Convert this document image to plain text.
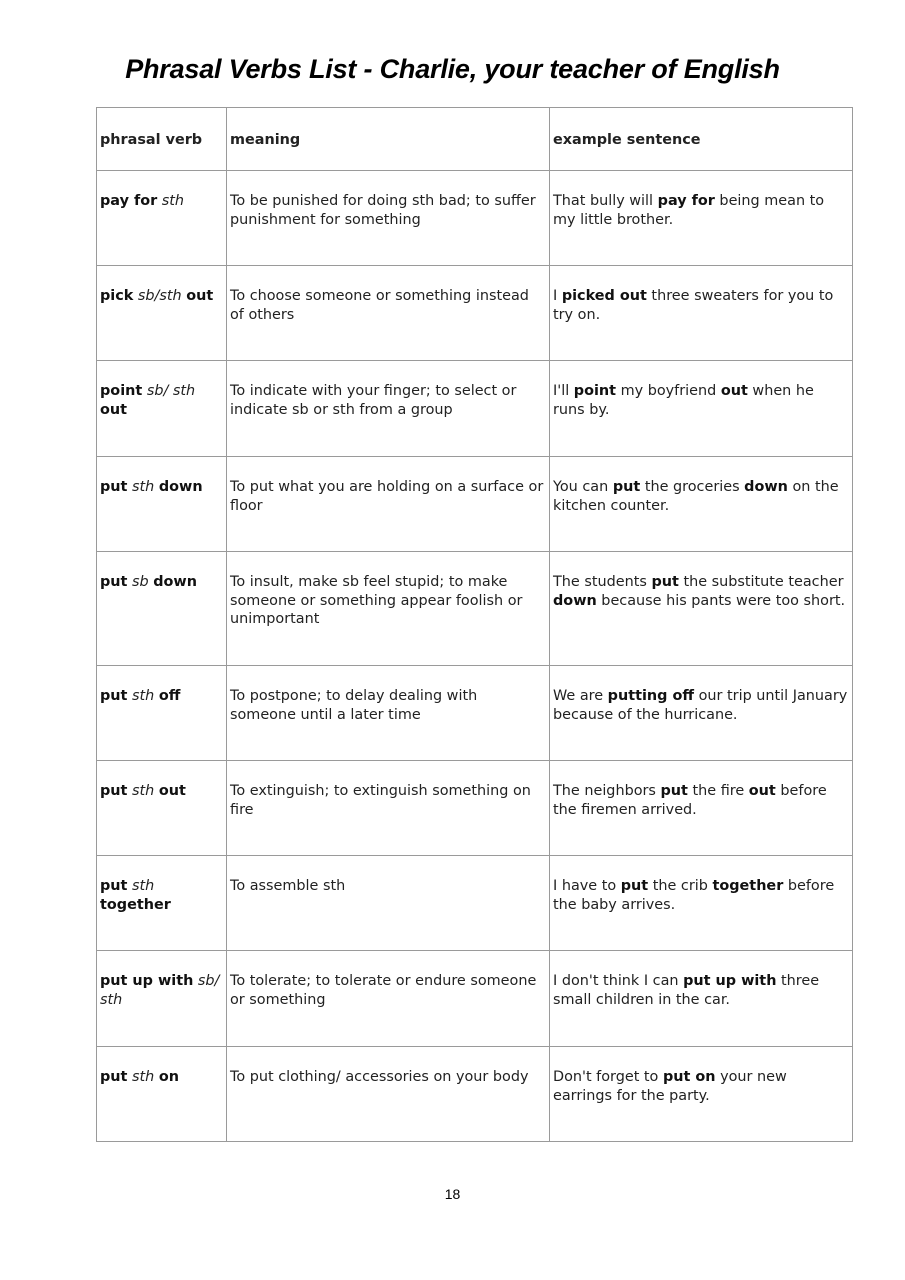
Phrasal Verbs List - Charlie, your teacher of English
phrasal verb	meaning	example sentence
pay for sth	To be punished for doing sth bad; to suffer punishment for something	That bully will pay for being mean to my little brother.
pick sb/sth out	To choose someone or something instead of others	I picked out three sweaters for you to try on.
point sb/ sth out	To indicate with your finger; to select or indicate sb or sth from a group	I'll point my boyfriend out when he runs by.
put sth down	To put what you are holding on a surface or floor	You can put the groceries down on the kitchen counter.
put sb down	To insult, make sb feel stupid; to make someone or something appear foolish or unimportant	The students put the substitute teacher down because his pants were too short.
put sth off	To postpone; to delay dealing with someone until a later time	We are putting off our trip until January because of the hurricane.
put sth out	To extinguish; to extinguish something on fire	The neighbors put the fire out before the firemen arrived.
put sth together	To assemble sth	I have to put the crib together before the baby arrives.
put up with sb/ sth	To tolerate; to tolerate or endure someone or something	I don't think I can put up with three small children in the car.
put sth on	To put clothing/ accessories on your body	Don't forget to put on your new earrings for the party.
18
